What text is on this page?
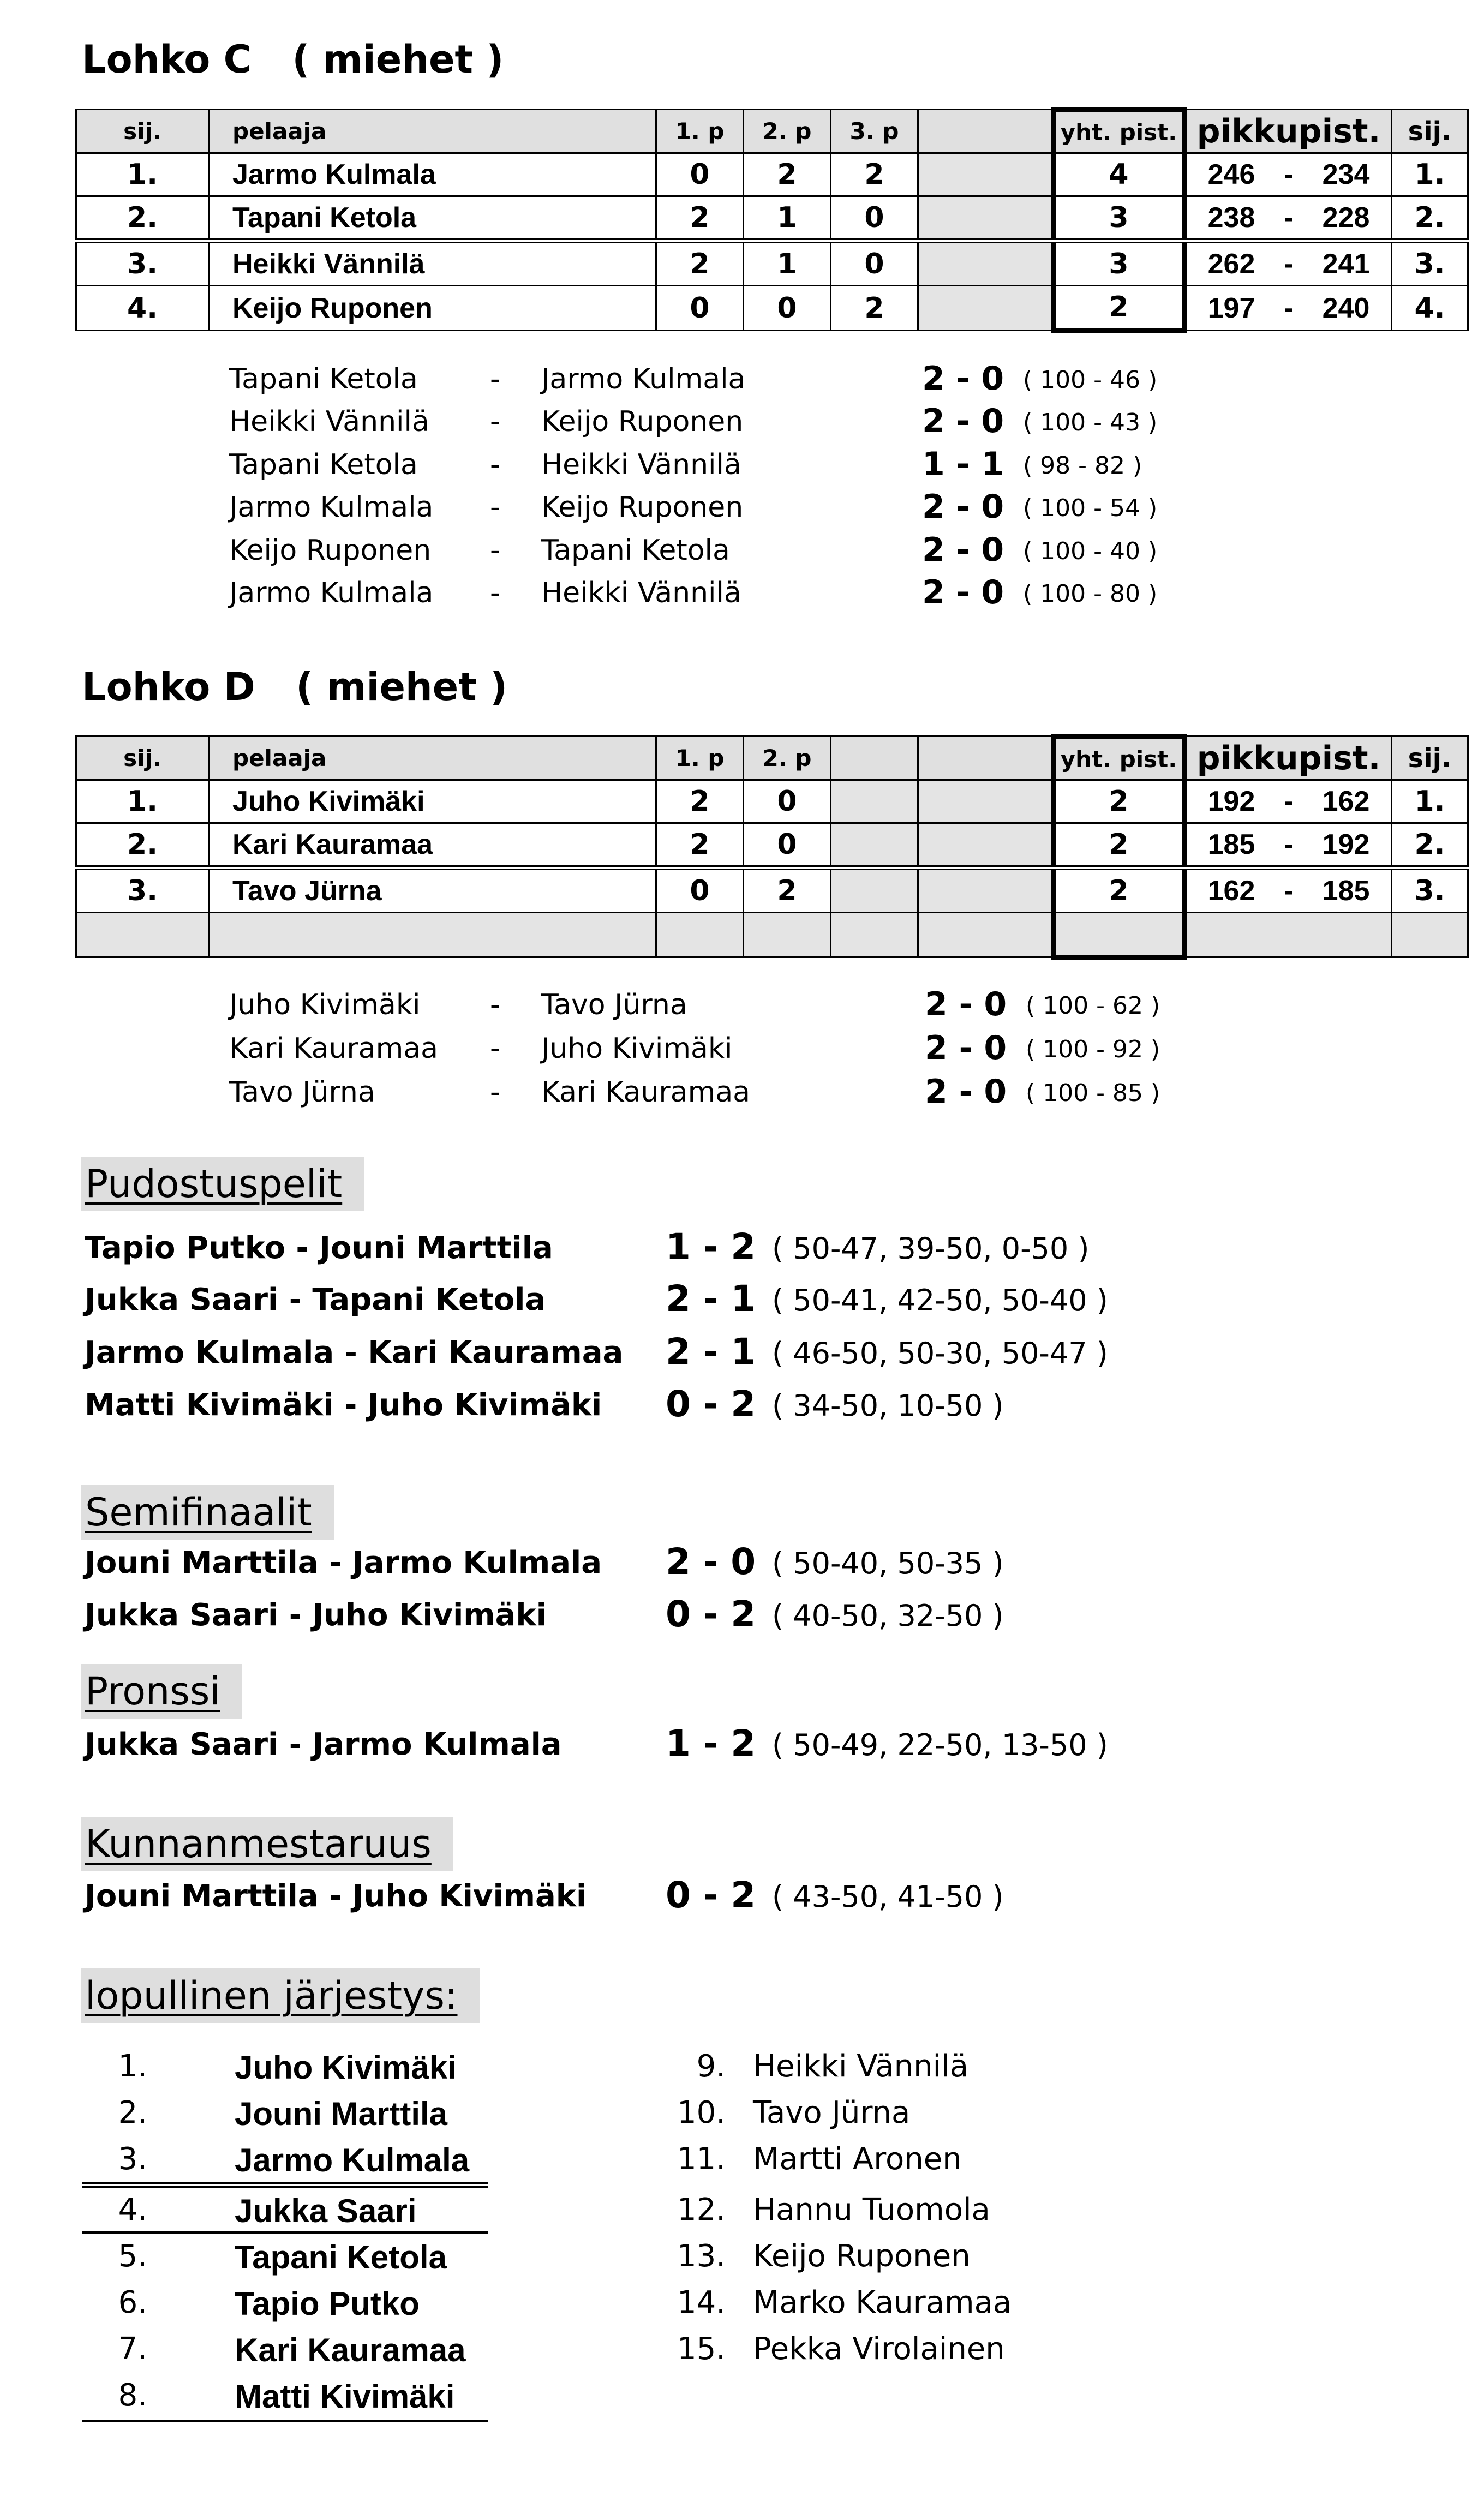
Lohko C ( miehet )
sij.	pelaaja	1. p	2. p	3. p		yht. pist.	pikkupist.	sij.
1.	Jarmo Kulmala	0	2	2		4	246 - 234	1.
2.	Tapani Ketola	2	1	0		3	238 - 228	2.
3.	Heikki Vännilä	2	1	0		3	262 - 241	3.
4.	Keijo Ruponen	0	0	2		2	197 - 240	4.
Tapani Ketola	- Jarmo Kulmala	2 - 0 ( 100 - 46 )
Heikki Vännilä - Keijo Ruponen	2 - 0 ( 100 - 43 )
Tapani Ketola	- Heikki Vännilä	1 - 1 ( 98 - 82 )
Jarmo Kulmala - Keijo Ruponen	2 - 0 ( 100 - 54 )
Keijo Ruponen - Tapani Ketola	2 - 0 ( 100 - 40 )
Jarmo Kulmala - Heikki Vännilä	2 - 0 ( 100 - 80 )
Lohko D ( miehet )
sij.	pelaaja	1. p	2. p			yht. pist.	pikkupist.	sij.
1.	Juho Kivimäki	2	0			2	192 - 162	1.
2.	Kari Kauramaa	2	0			2	185 - 192	2.
3.	Tavo Jürna	0	2			2	162 - 185	3.

Juho Kivimäki - Tavo Jürna	2 - 0 ( 100 - 62 )
Kari Kauramaa - Juho Kivimäki	2 - 0 ( 100 - 92 )
Tavo Jürna	- Kari Kauramaa	2 - 0 ( 100 - 85 )
Pudostuspelit
Tapio Putko - Jouni Marttila	1 - 2 ( 50-47, 39-50, 0-50 )
Jukka Saari - Tapani Ketola	2 - 1 ( 50-41, 42-50, 50-40 )
Jarmo Kulmala - Kari Kauramaa 2 - 1 ( 46-50, 50-30, 50-47 )
Matti Kivimäki - Juho Kivimäki 0 - 2 ( 34-50, 10-50 )
Semifinaalit
Jouni Marttila - Jarmo Kulmala 2 - 0 ( 50-40, 50-35 )
Jukka Saari - Juho Kivimäki	0 - 2 ( 40-50, 32-50 )
Pronssi
Jukka Saari - Jarmo Kulmala	1 - 2 ( 50-49, 22-50, 13-50 )
Kunnanmestaruus
Jouni Marttila - Juho Kivimäki 0 - 2 ( 43-50, 41-50 )
lopullinen järjestys:
1.	Juho Kivimäki
2.	Jouni Marttila
3.	Jarmo Kulmala
4.	Jukka Saari
5.	Tapani Ketola
6.	Tapio Putko
7.	Kari Kauramaa
8.	Matti Kivimäki
9. Heikki Vännilä
10. Tavo Jürna
11. Martti Aronen
12. Hannu Tuomola
13. Keijo Ruponen
14. Marko Kauramaa
15. Pekka Virolainen
